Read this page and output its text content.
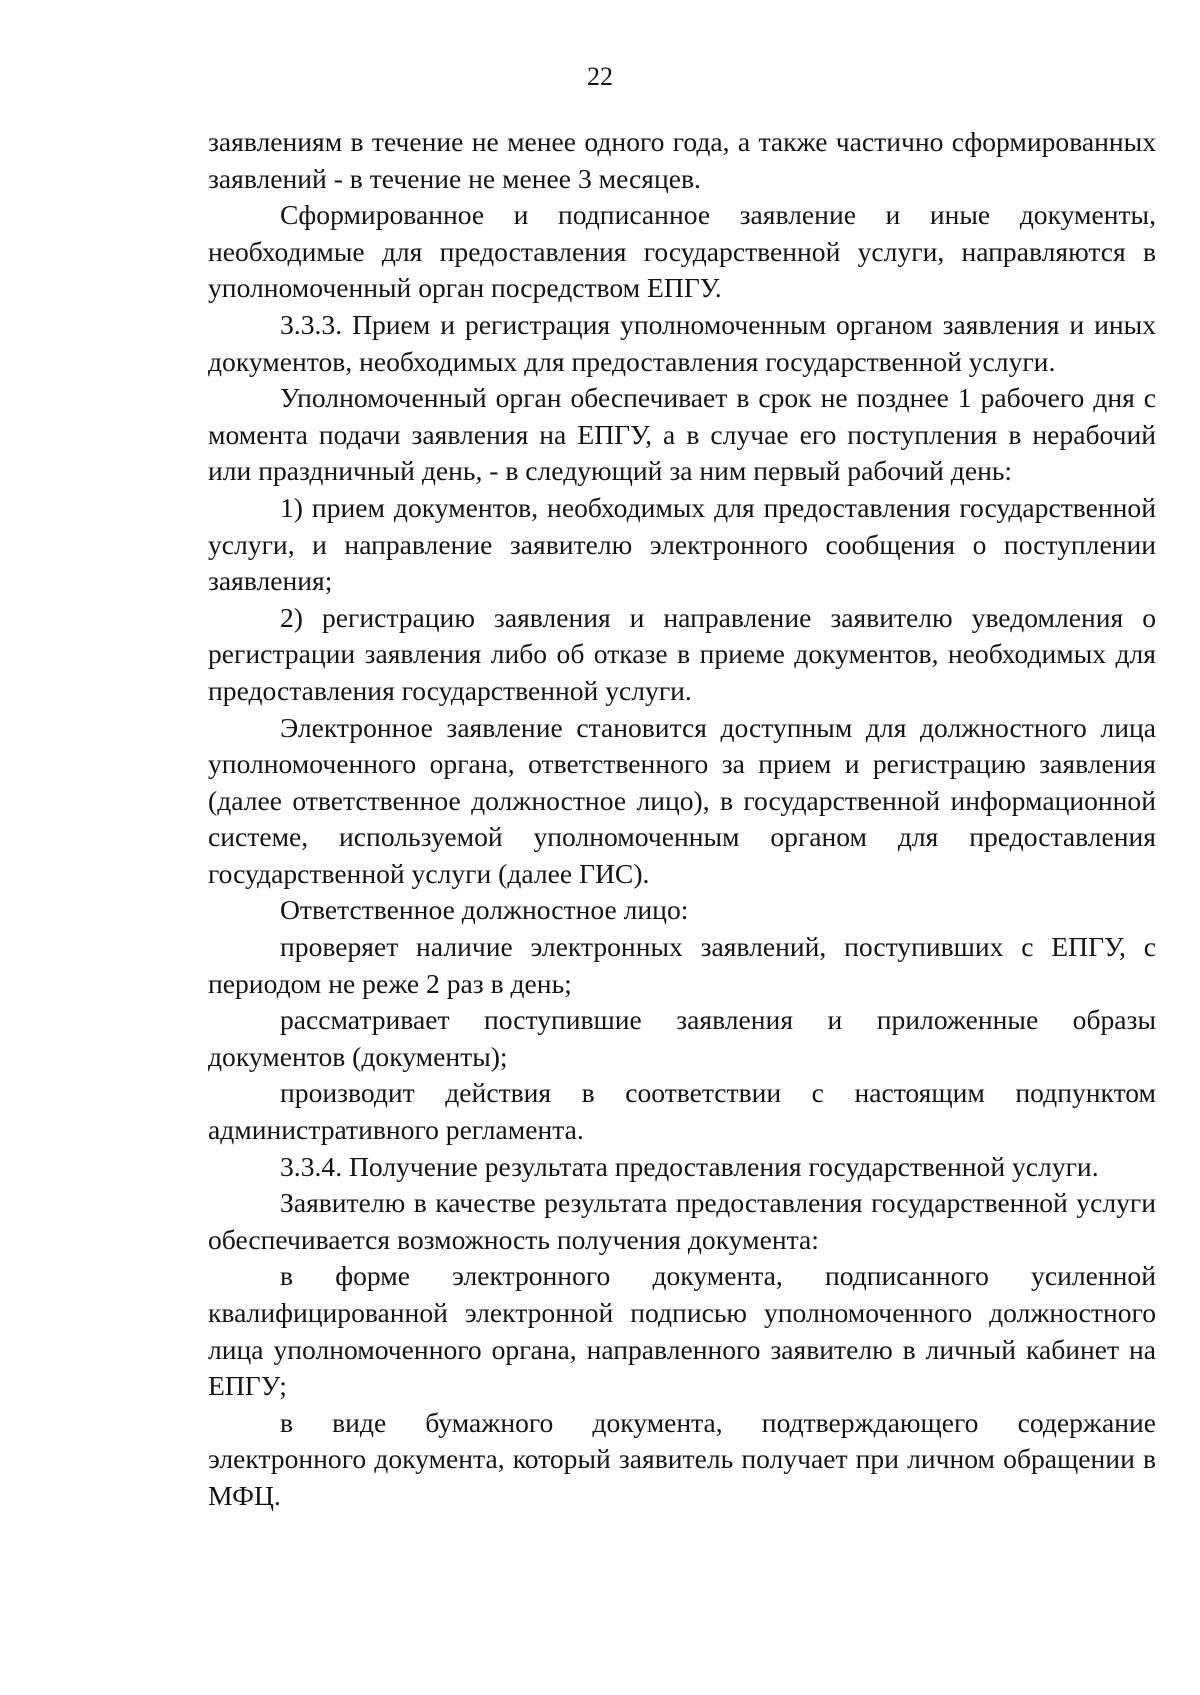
22

заявлениям в течение не менее одного года, а также частично сформированных заявлений - в течение не менее 3 месяцев.

Сформированное и подписанное заявление и иные документы, необходимые для предоставления государственной услуги, направляются в уполномоченный орган посредством ЕПГУ.

3.3.3. Прием и регистрация уполномоченным органом заявления и иных документов, необходимых для предоставления государственной услуги.

Уполномоченный орган обеспечивает в срок не позднее 1 рабочего дня с момента подачи заявления на ЕПГУ, а в случае его поступления в нерабочий или праздничный день, - в следующий за ним первый рабочий день:

1) прием документов, необходимых для предоставления государственной услуги, и направление заявителю электронного сообщения о поступлении заявления;

2) регистрацию заявления и направление заявителю уведомления о регистрации заявления либо об отказе в приеме документов, необходимых для предоставления государственной услуги.

Электронное заявление становится доступным для должностного лица уполномоченного органа, ответственного за прием и регистрацию заявления (далее ответственное должностное лицо), в государственной информационной системе, используемой уполномоченным органом для предоставления государственной услуги (далее ГИС).

Ответственное должностное лицо:

проверяет наличие электронных заявлений, поступивших с ЕПГУ, с периодом не реже 2 раз в день;

рассматривает поступившие заявления и приложенные образы документов (документы);

производит действия в соответствии с настоящим подпунктом административного регламента.

3.3.4. Получение результата предоставления государственной услуги.

Заявителю в качестве результата предоставления государственной услуги обеспечивается возможность получения документа:

в форме электронного документа, подписанного усиленной квалифицированной электронной подписью уполномоченного должностного лица уполномоченного органа, направленного заявителю в личный кабинет на ЕПГУ;

в виде бумажного документа, подтверждающего содержание электронного документа, который заявитель получает при личном обращении в МФЦ.
